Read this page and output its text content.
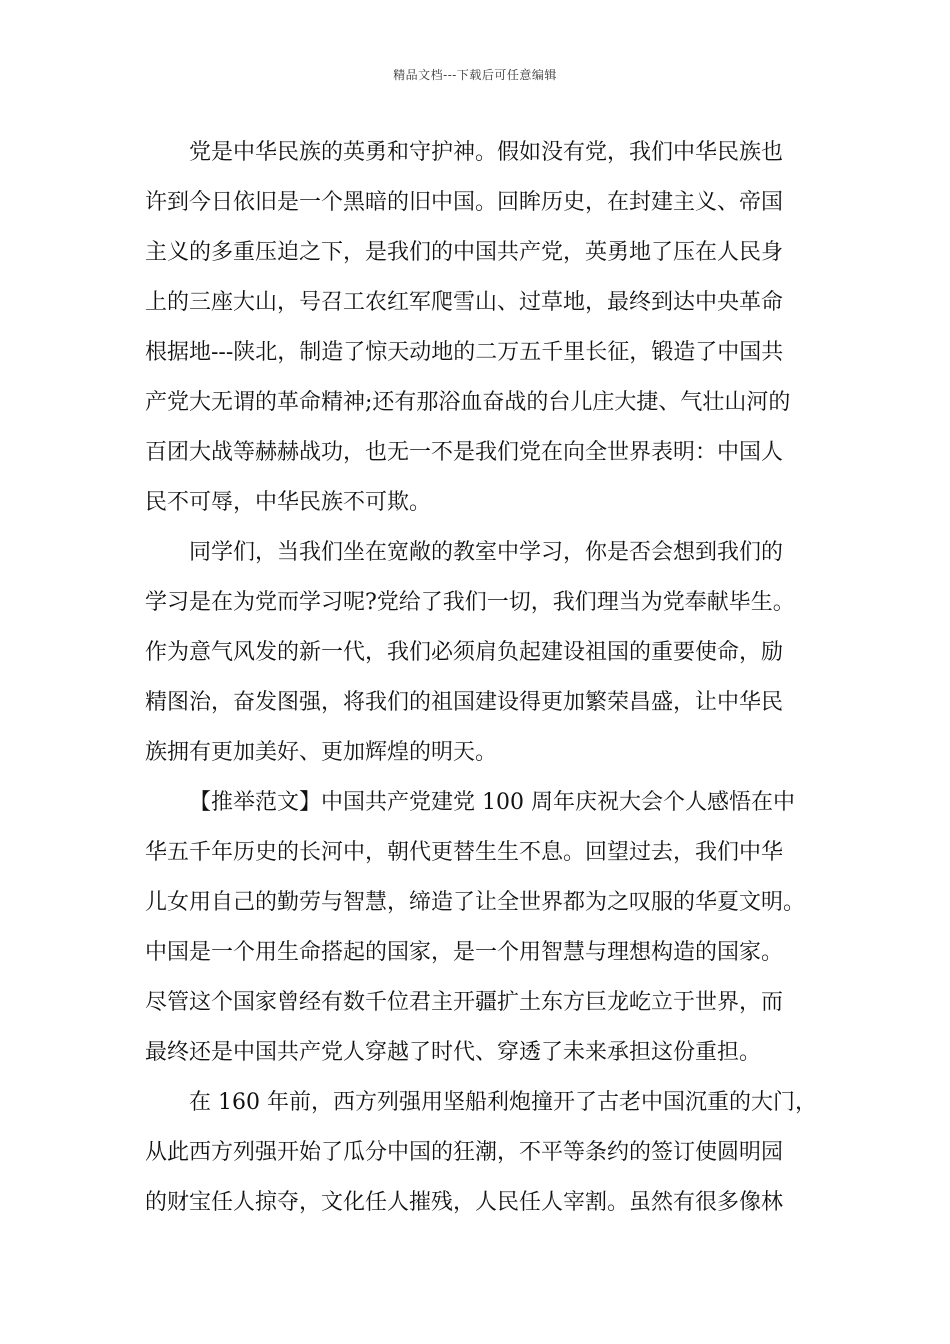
精品文档---下载后可任意编辑
党是中华民族的英勇和守护神。假如没有党，我们中华民族也
许到今日依旧是一个黑暗的旧中国。回眸历史，在封建主义、帝国
主义的多重压迫之下，是我们的中国共产党，英勇地了压在人民身
上的三座大山，号召工农红军爬雪山、过草地，最终到达中央革命
根据地---陕北，制造了惊天动地的二万五千里长征，锻造了中国共
产党大无谓的革命精神;还有那浴血奋战的台儿庄大捷、气壮山河的
百团大战等赫赫战功，也无一不是我们党在向全世界表明：中国人
民不可辱，中华民族不可欺。
同学们，当我们坐在宽敞的教室中学习，你是否会想到我们的
学习是在为党而学习呢?党给了我们一切，我们理当为党奉献毕生。
作为意气风发的新一代，我们必须肩负起建设祖国的重要使命，励
精图治，奋发图强，将我们的祖国建设得更加繁荣昌盛，让中华民
族拥有更加美好、更加辉煌的明天。
【推举范文】中国共产党建党 100 周年庆祝大会个人感悟在中
华五千年历史的长河中，朝代更替生生不息。回望过去，我们中华
儿女用自己的勤劳与智慧，缔造了让全世界都为之叹服的华夏文明。
中国是一个用生命搭起的国家，是一个用智慧与理想构造的国家。
尽管这个国家曾经有数千位君主开疆扩土东方巨龙屹立于世界，而
最终还是中国共产党人穿越了时代、穿透了未来承担这份重担。
在 160 年前，西方列强用坚船利炮撞开了古老中国沉重的大门，
从此西方列强开始了瓜分中国的狂潮，不平等条约的签订使圆明园
的财宝任人掠夺，文化任人摧残，人民任人宰割。虽然有很多像林
